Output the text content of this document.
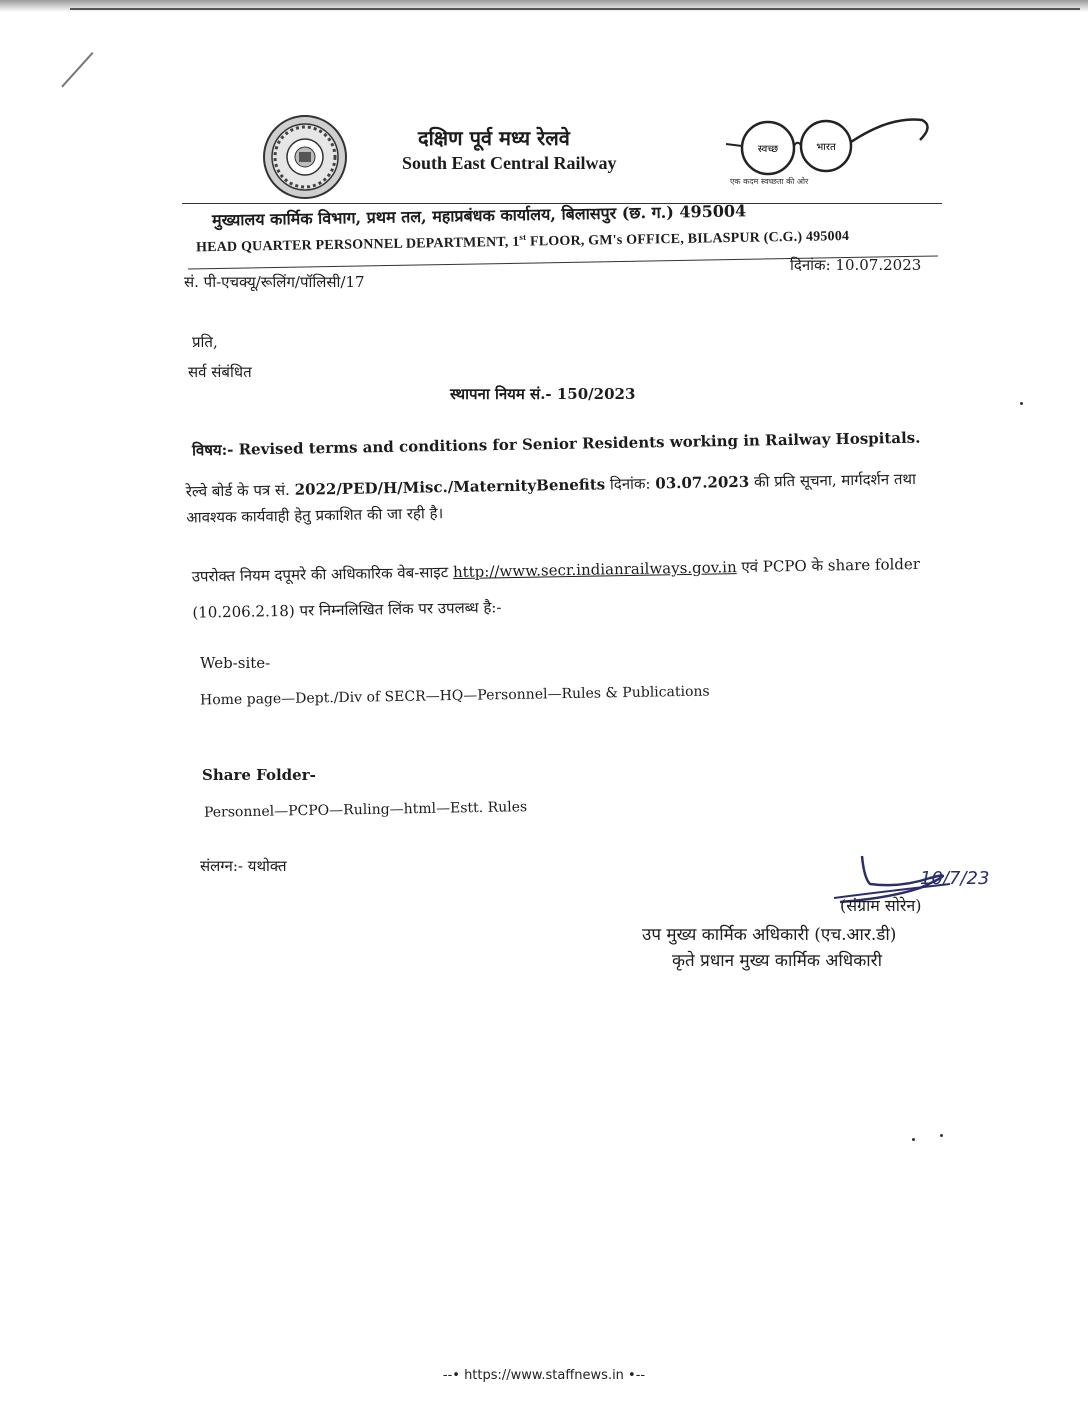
दक्षिण पूर्व मध्य रेलवे
South East Central Railway
स्वच्छ	भारत
एक कदम स्वच्छता की ओर
मुख्यालय कार्मिक विभाग, प्रथम तल, महाप्रबंधक कार्यालय, बिलासपुर (छ. ग.) 495004
HEAD QUARTER PERSONNEL DEPARTMENT, 1st FLOOR, GM's OFFICE, BILASPUR (C.G.) 495004
सं. पी-एचक्यू/रूलिंग/पॉलिसी/17
दिनांक: 10.07.2023
प्रति,
सर्व संबंधित
स्थापना नियम सं.- 150/2023
विषय:- Revised terms and conditions for Senior Residents working in Railway Hospitals.
रेल्वे बोर्ड के पत्र सं. 2022/PED/H/Misc./MaternityBenefits दिनांक: 03.07.2023 की प्रति सूचना, मार्गदर्शन तथा आवश्यक कार्यवाही हेतु प्रकाशित की जा रही है।
उपरोक्त नियम दपूमरे की अधिकारिक वेब-साइट http://www.secr.indianrailways.gov.in एवं PCPO के share folder (10.206.2.18) पर निम्नलिखित लिंक पर उपलब्ध है:-
Web-site-
Home page—Dept./Div of SECR—HQ—Personnel—Rules & Publications
Share Folder-
Personnel—PCPO—Ruling—html—Estt. Rules
संलग्न:- यथोक्त
10/7/23
(संग्राम सोरेन)
उप मुख्य कार्मिक अधिकारी (एच.आर.डी)
कृते प्रधान मुख्य कार्मिक अधिकारी
--• https://www.staffnews.in •--
